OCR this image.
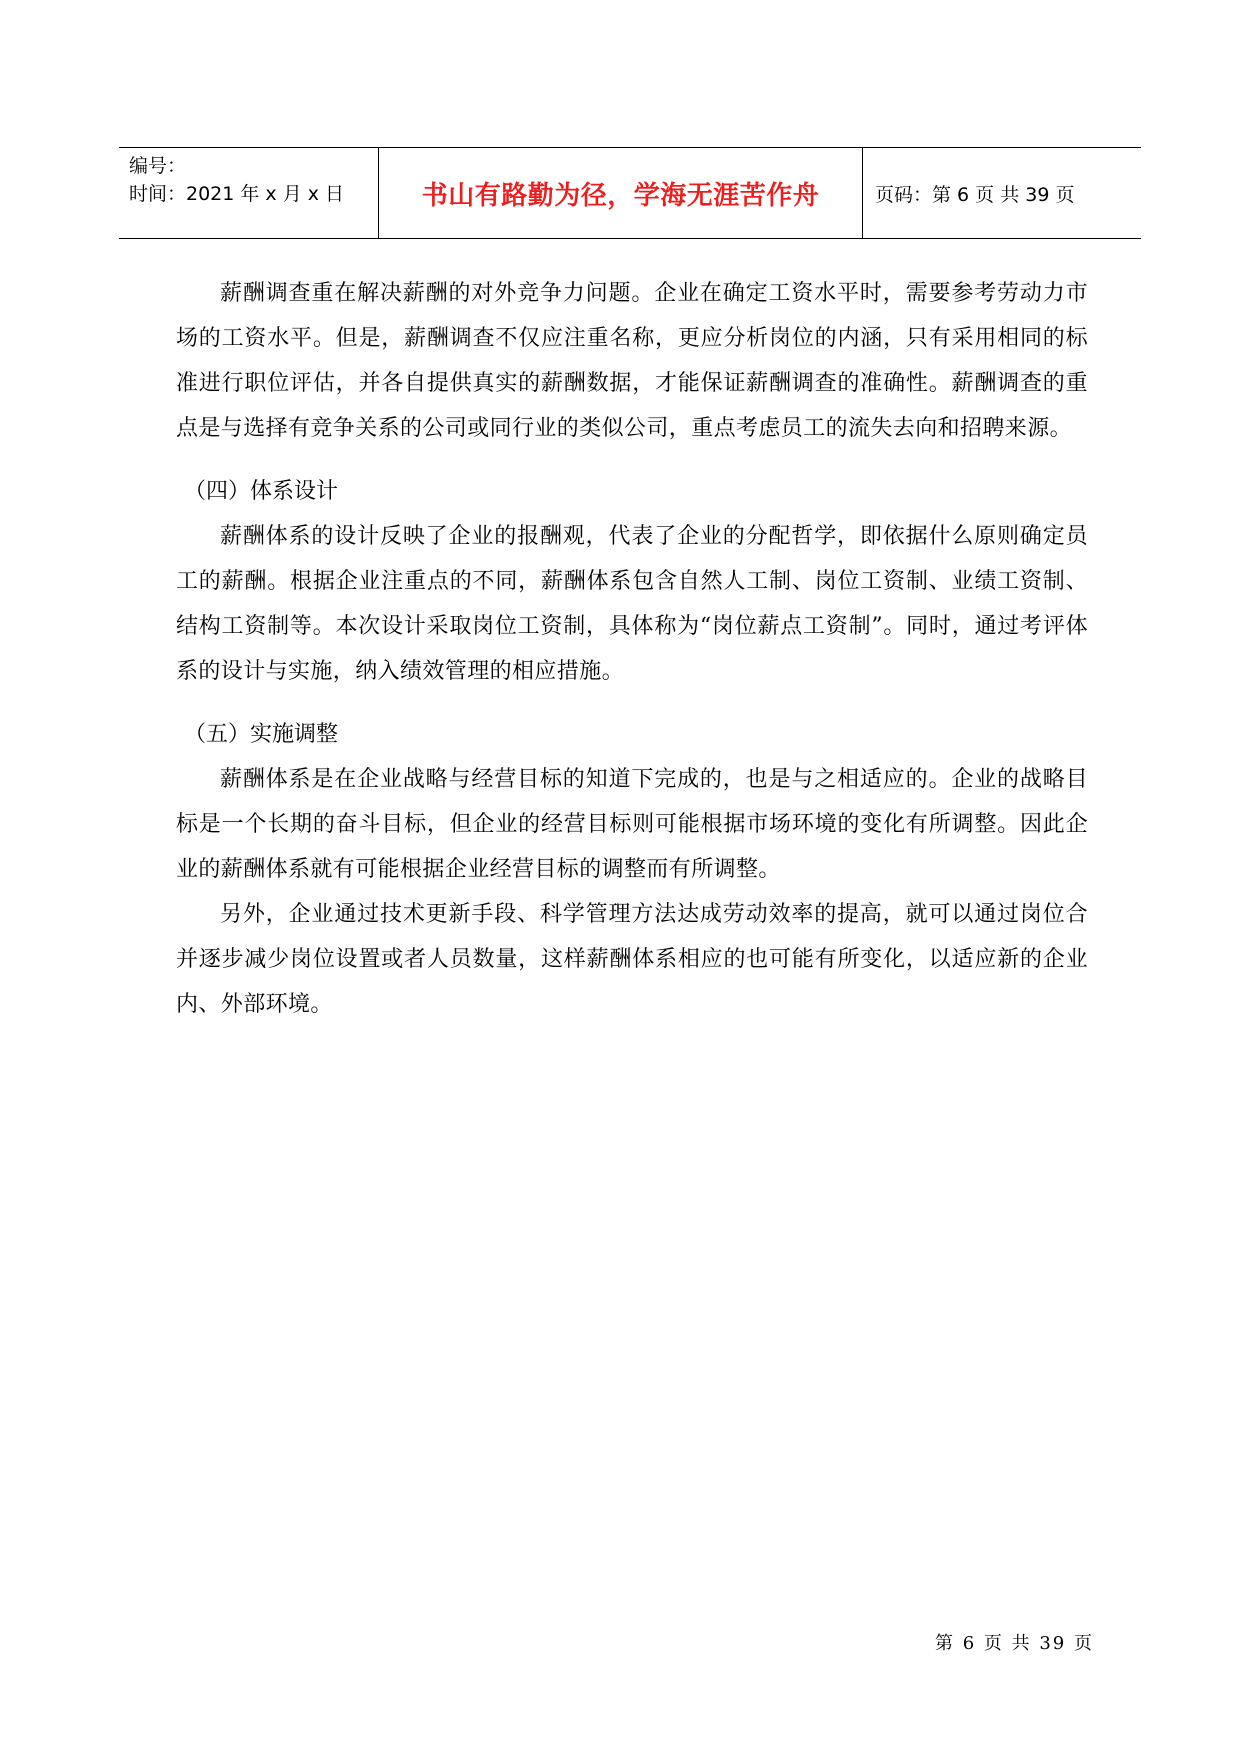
编号：
时间：2021 年 x 月 x 日	书山有路勤为径，学海无涯苦作舟	页码：第 6 页 共 39 页

薪酬调查重在解决薪酬的对外竞争力问题。企业在确定工资水平时，需要参考劳动力市场的工资水平。但是，薪酬调查不仅应注重名称，更应分析岗位的内涵，只有采用相同的标准进行职位评估，并各自提供真实的薪酬数据，才能保证薪酬调查的准确性。薪酬调查的重点是与选择有竞争关系的公司或同行业的类似公司，重点考虑员工的流失去向和招聘来源。

（四）体系设计

薪酬体系的设计反映了企业的报酬观，代表了企业的分配哲学，即依据什么原则确定员工的薪酬。根据企业注重点的不同，薪酬体系包含自然人工制、岗位工资制、业绩工资制、结构工资制等。本次设计采取岗位工资制，具体称为“岗位薪点工资制”。同时，通过考评体系的设计与实施，纳入绩效管理的相应措施。

（五）实施调整

薪酬体系是在企业战略与经营目标的知道下完成的，也是与之相适应的。企业的战略目标是一个长期的奋斗目标，但企业的经营目标则可能根据市场环境的变化有所调整。因此企业的薪酬体系就有可能根据企业经营目标的调整而有所调整。

另外，企业通过技术更新手段、科学管理方法达成劳动效率的提高，就可以通过岗位合并逐步减少岗位设置或者人员数量，这样薪酬体系相应的也可能有所变化，以适应新的企业内、外部环境。

第 6 页 共 39 页
